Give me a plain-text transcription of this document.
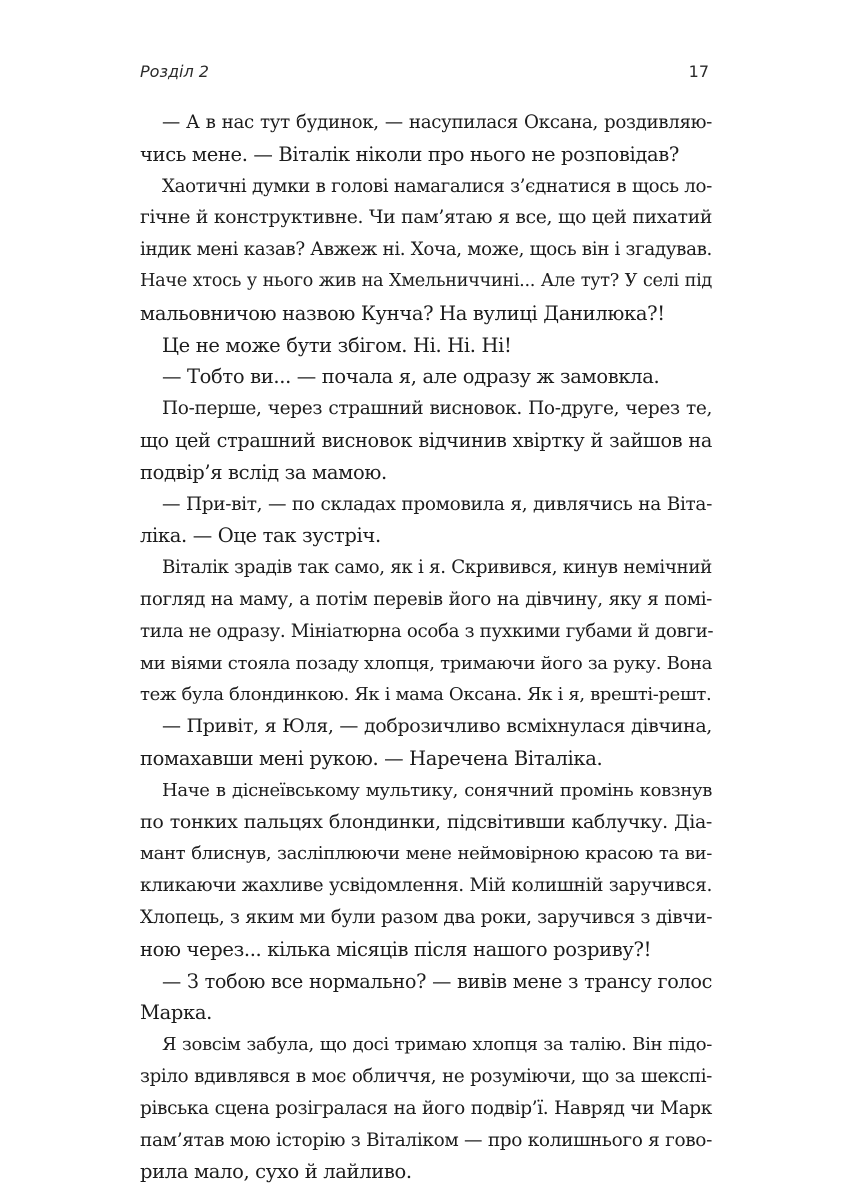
Розділ 2	17
— А в нас тут будинок, — насупилася Оксана, роздивляю-
чись мене. — Віталік ніколи про нього не розповідав?
Хаотичні думки в голові намагалися з’єднатися в щось ло-
гічне й конструктивне. Чи пам’ятаю я все, що цей пихатий
індик мені казав? Авжеж ні. Хоча, може, щось він і згадував.
Наче хтось у нього жив на Хмельниччині... Але тут? У селі під
мальовничою назвою Кунча? На вулиці Данилюка?!
Це не може бути збігом. Ні. Ні. Ні!
— Тобто ви... — почала я, але одразу ж замовкла.
По-перше, через страшний висновок. По-друге, через те,
що цей страшний висновок відчинив хвіртку й зайшов на
подвір’я вслід за мамою.
— При-віт, — по складах промовила я, дивлячись на Віта-
ліка. — Оце так зустріч.
Віталік зрадів так само, як і я. Скривився, кинув немічний
погляд на маму, а потім перевів його на дівчину, яку я помі-
тила не одразу. Мініатюрна особа з пухкими губами й довги-
ми віями стояла позаду хлопця, тримаючи його за руку. Вона
теж була блондинкою. Як і мама Оксана. Як і я, врешті-решт.
— Привіт, я Юля, — доброзичливо всміхнулася дівчина,
помахавши мені рукою. — Наречена Віталіка.
Наче в діснеївському мультику, сонячний промінь ковзнув
по тонких пальцях блондинки, підсвітивши каблучку. Діа-
мант блиснув, засліплюючи мене неймовірною красою та ви-
кликаючи жахливе усвідомлення. Мій колишній заручився.
Хлопець, з яким ми були разом два роки, заручився з дівчи-
ною через... кілька місяців після нашого розриву?!
— З тобою все нормально? — вивів мене з трансу голос
Марка.
Я зовсім забула, що досі тримаю хлопця за талію. Він підо-
зріло вдивлявся в моє обличчя, не розуміючи, що за шекспі-
рівська сцена розігралася на його подвір’ї. Навряд чи Марк
пам’ятав мою історію з Віталіком — про колишнього я гово-
рила мало, сухо й лайливо.
